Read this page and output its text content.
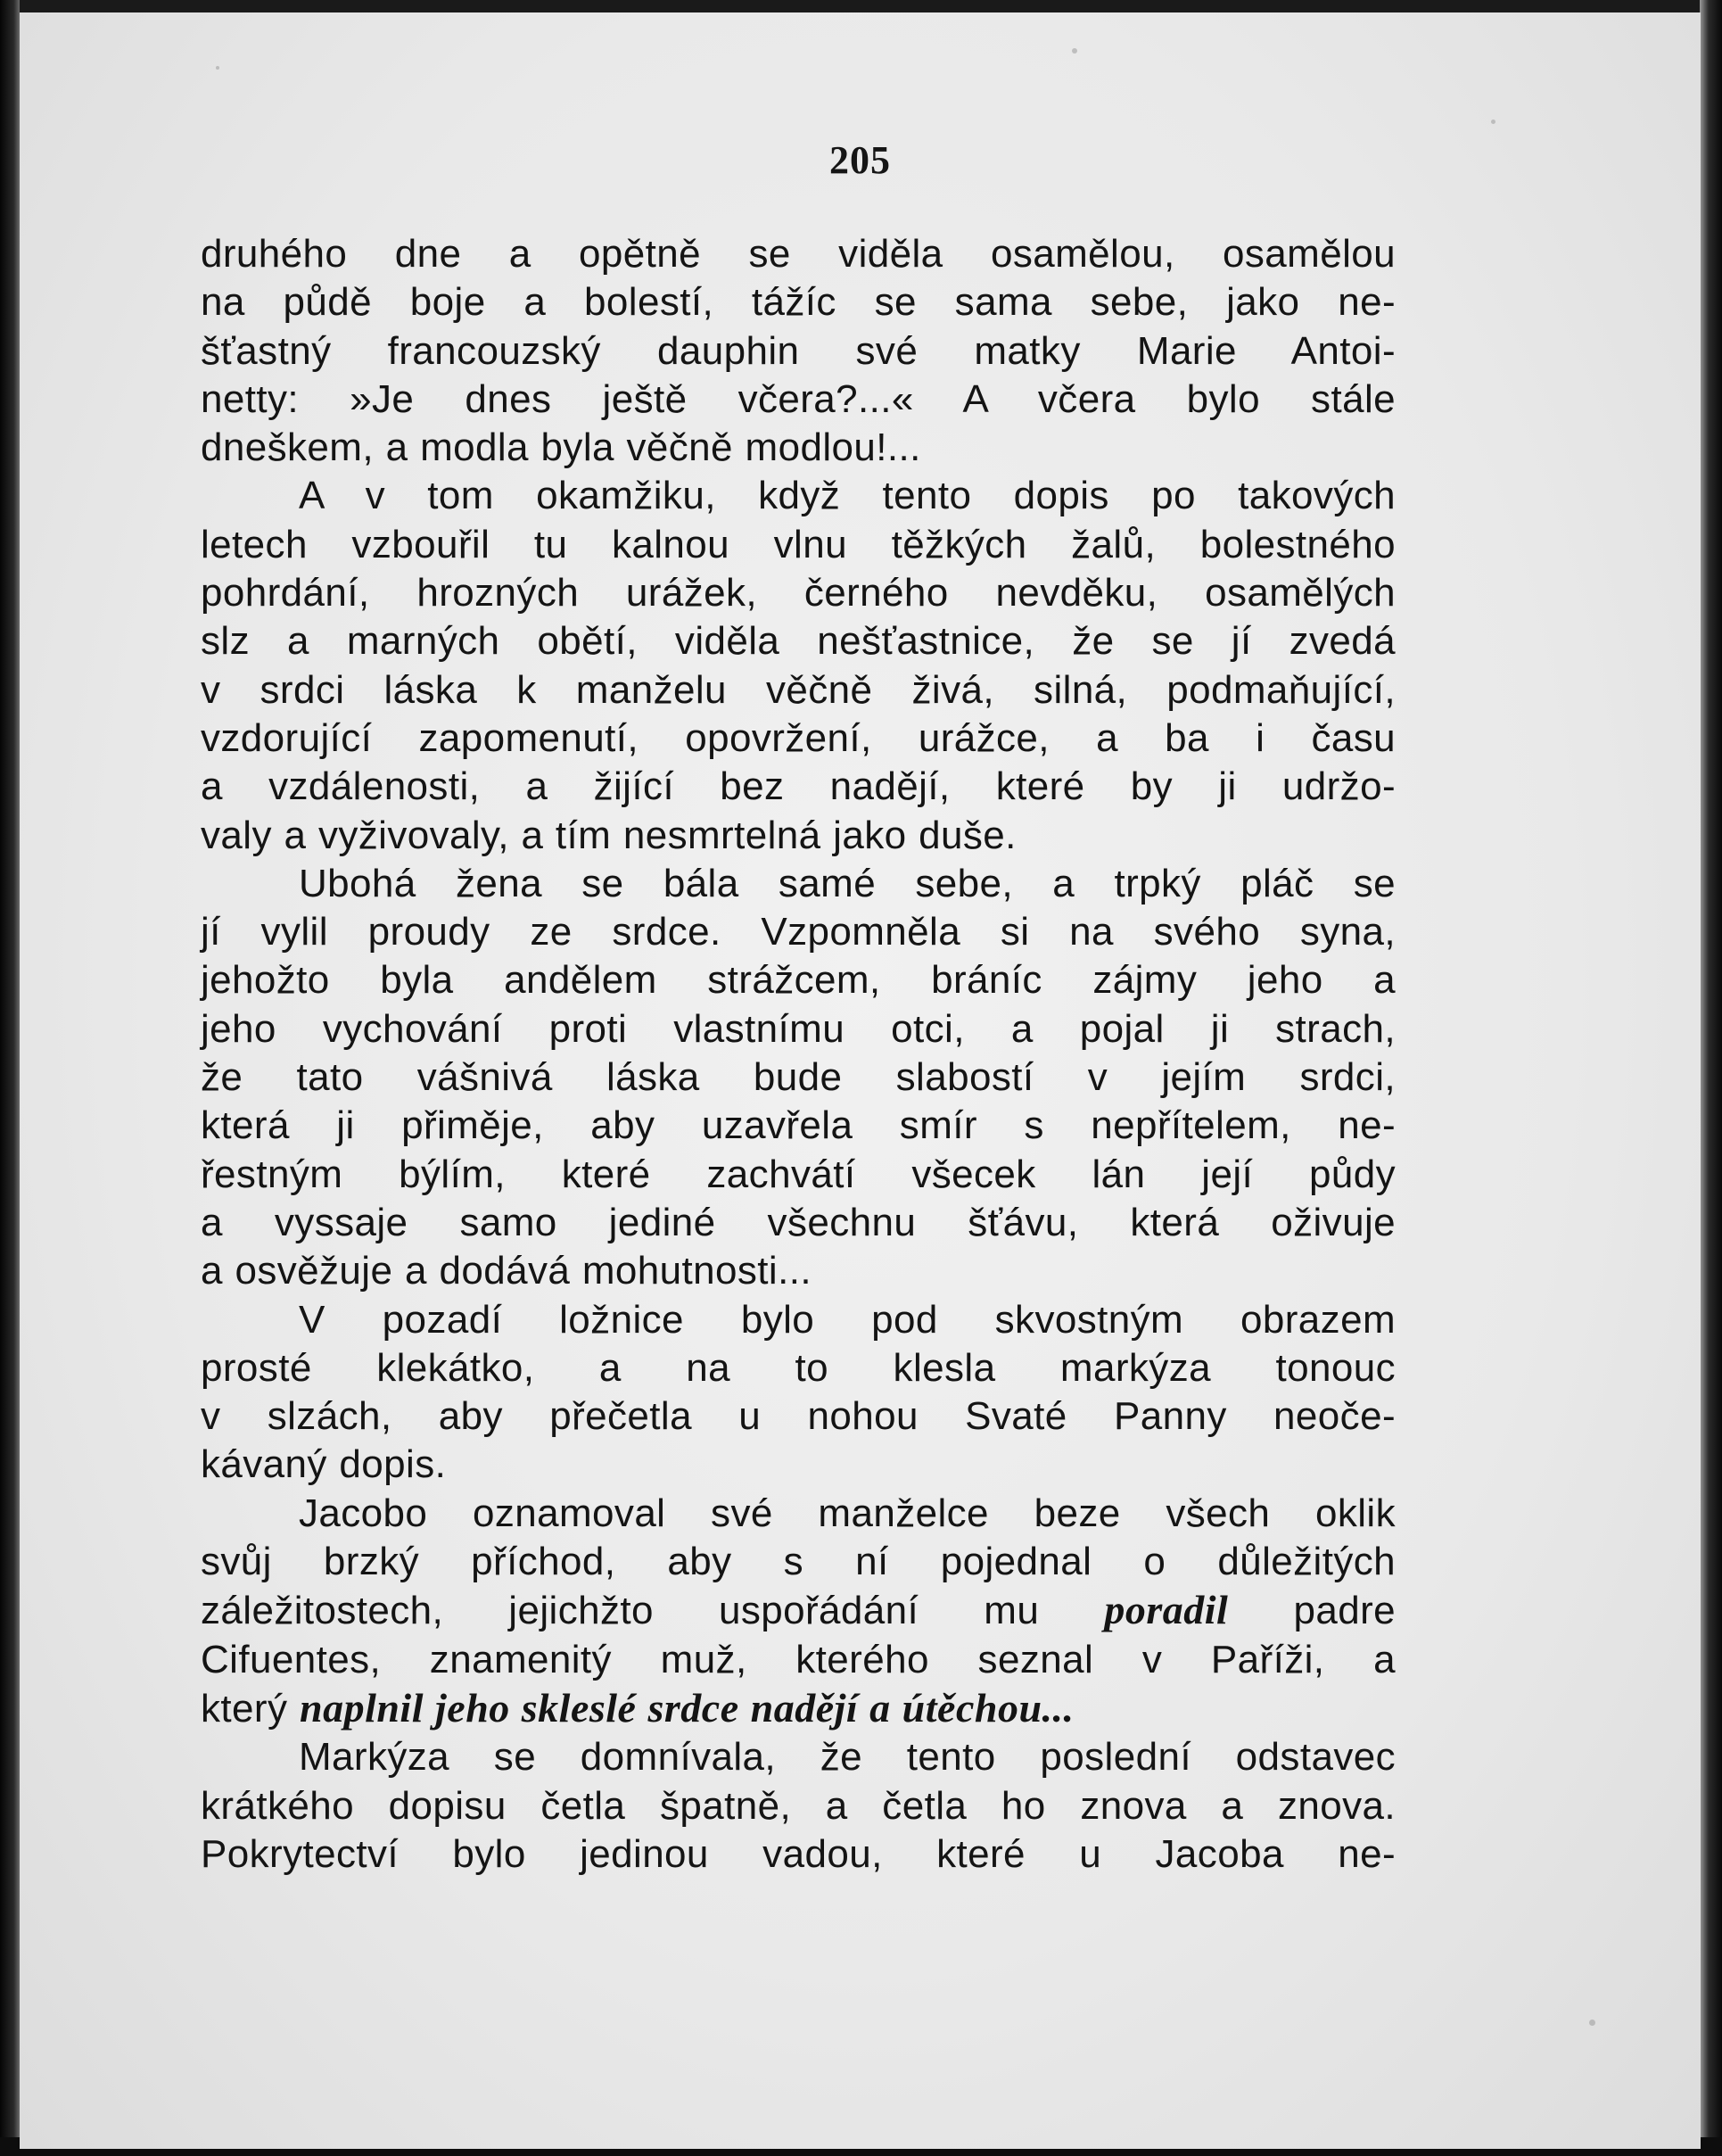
205

druhého dne a opětně se viděla osamělou, osamělou
na půdě boje a bolestí, tážíc se sama sebe, jako ne-
šťastný francouzský dauphin své matky Marie Antoi-
netty: »Je dnes ještě včera?...« A včera bylo stále
dneškem, a modla byla věčně modlou!...

A v tom okamžiku, když tento dopis po takových
letech vzbouřil tu kalnou vlnu těžkých žalů, bolestného
pohrdání, hrozných urážek, černého nevděku, osamělých
slz a marných obětí, viděla nešťastnice, že se jí zvedá
v srdci láska k manželu věčně živá, silná, podmaňující,
vzdorující zapomenutí, opovržení, urážce, a ba i času
a vzdálenosti, a žijící bez nadějí, které by ji udržo-
valy a vyživovaly, a tím nesmrtelná jako duše.

Ubohá žena se bála samé sebe, a trpký pláč se
jí vylil proudy ze srdce. Vzpomněla si na svého syna,
jehožto byla andělem strážcem, bráníc zájmy jeho a
jeho vychování proti vlastnímu otci, a pojal ji strach,
že tato vášnivá láska bude slabostí v jejím srdci,
která ji přiměje, aby uzavřela smír s nepřítelem, ne-
řestným býlím, které zachvátí všecek lán její půdy
a vyssaje samo jediné všechnu šťávu, která oživuje
a osvěžuje a dodává mohutnosti...

V pozadí ložnice bylo pod skvostným obrazem
prosté klekátko, a na to klesla markýza tonouc
v slzách, aby přečetla u nohou Svaté Panny neoče-
kávaný dopis.

Jacobo oznamoval své manželce beze všech oklik
svůj brzký příchod, aby s ní pojednal o důležitých
záležitostech, jejichžto uspořádání mu poradil padre
Cifuentes, znamenitý muž, kterého seznal v Paříži, a
který naplnil jeho skleslé srdce nadějí a útěchou...

Markýza se domnívala, že tento poslední odstavec
krátkého dopisu četla špatně, a četla ho znova a znova.
Pokrytectví bylo jedinou vadou, které u Jacoba ne-
